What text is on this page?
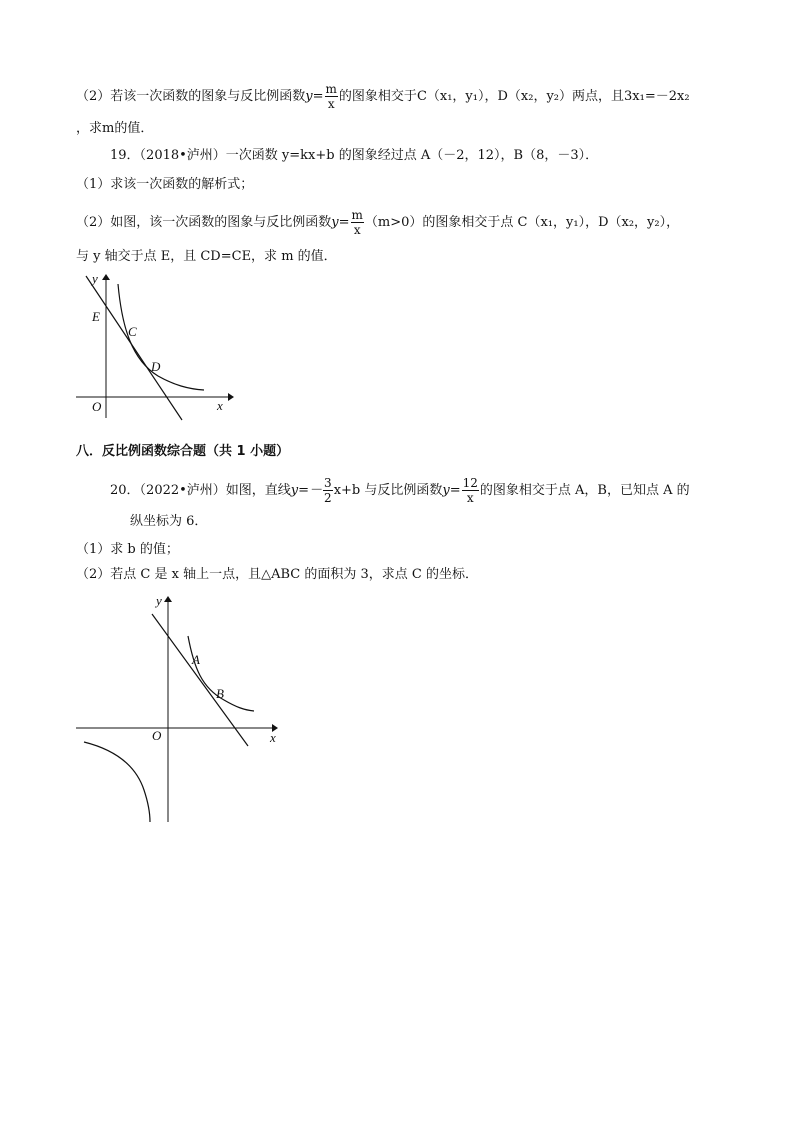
（2）若该一次函数的图象与反比例函数$y= \frac{m}{x}$ 的图象相交于C（x₁，y₁），D（x₂，y₂）两点，且3x₁=－2x₂
，求m的值．
19．（2018•泸州）一次函数 y=kx+b 的图象经过点 A（－2，12），B（8，－3）．
（1）求该一次函数的解析式；
（2）如图，该一次函数的图象与反比例函数$y= \frac{m}{x} (m>0)$的图象相交于点 C（x₁，y₁），D（x₂，y₂），
与 y 轴交于点 E，且 CD=CE，求 m 的值．
y
E
C
D
O	x
八．反比例函数综合题（共 1 小题）
20．（2022•泸州）如图，直线$y=- \frac{3}{2} x+b$ 与反比例函数$y= \frac{12}{x}$ 的图象相交于点 A，B，已知点 A 的
纵坐标为 6．
（1）求 b 的值；
（2）若点 C 是 x 轴上一点，且△ABC 的面积为 3，求点 C 的坐标．
y
A
B
O	x
